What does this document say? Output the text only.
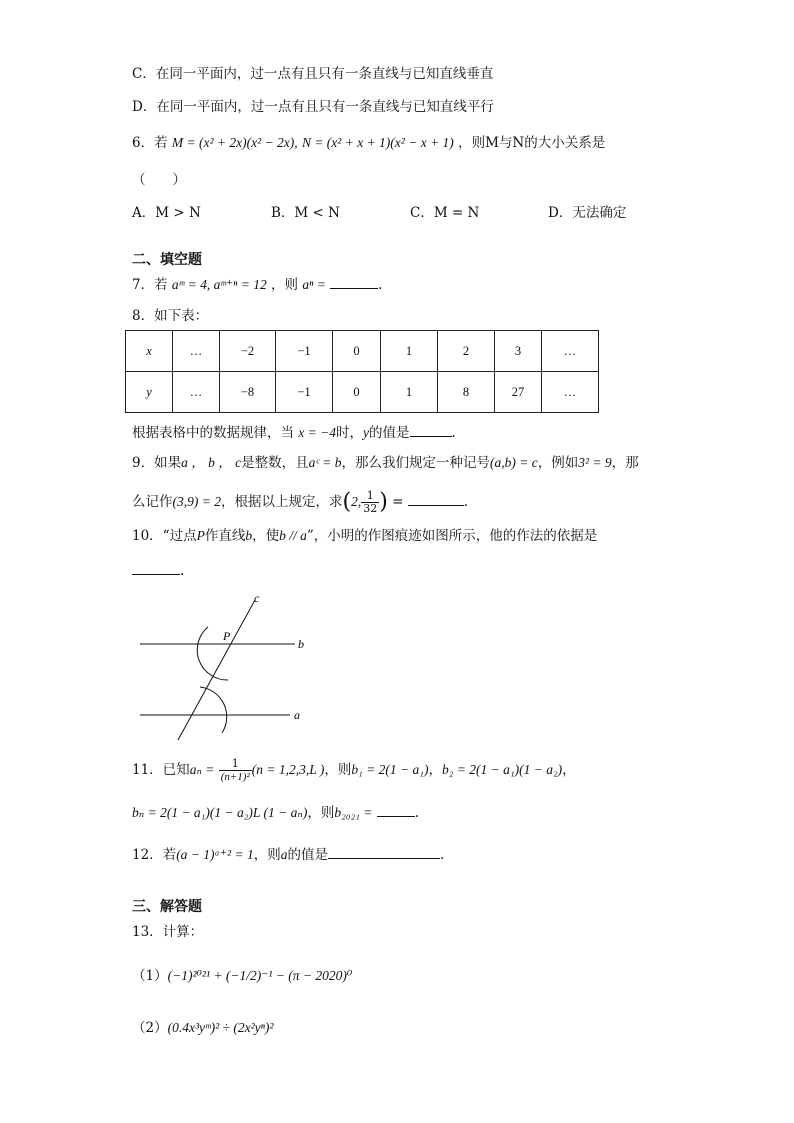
C．在同一平面内，过一点有且只有一条直线与已知直线垂直
D．在同一平面内，过一点有且只有一条直线与已知直线平行
6．若 M = (x² + 2x)(x² − 2x), N = (x² + x + 1)(x² − x + 1) ，则M与N的大小关系是
（　　）
A．M > N	B．M < N	C．M = N	D．无法确定
二、填空题
7．若 aᵐ = 4, aᵐ⁺ⁿ = 12 ，则 aⁿ =	.
8．如下表：
x	…	−2	−1	0	1	2	3	…
y	…	−8	−1	0	1	8	27	…
根据表格中的数据规律，当 x = −4时，y的值是	.
9．如果a ， b ， c是整数，且aᶜ = b，那么我们规定一种记号(a,b) = c，例如3² = 9，那
么记作(3,9) = 2，根据以上规定，求(2, $\frac{1}{32}$ ) =	.
10．“过点P作直线b，使b // a”，小明的作图痕迹如图所示，他的作法的依据是
.
c
P
b
a
11．已知$a_n = \frac{1}{\text{(n+1)²}} (n = 1,2,3,L$ )，则b₁ = 2(1 − a₁)，b₂ = 2(1 − a₁)(1 − a₂)，
bₙ = 2(1 − a₁)(1 − a₂)L (1 − aₙ)，则b₂₀₂₁ =	.
12．若(a − 1)ᵃ⁺² = 1，则a的值是	.
三、解答题
13．计算：
（1）(−1)²⁰²¹ + (−1/2)⁻¹ − (π − 2020)⁰
（2）(0.4x³yᵐ)² ÷ (2x²yⁿ)²
